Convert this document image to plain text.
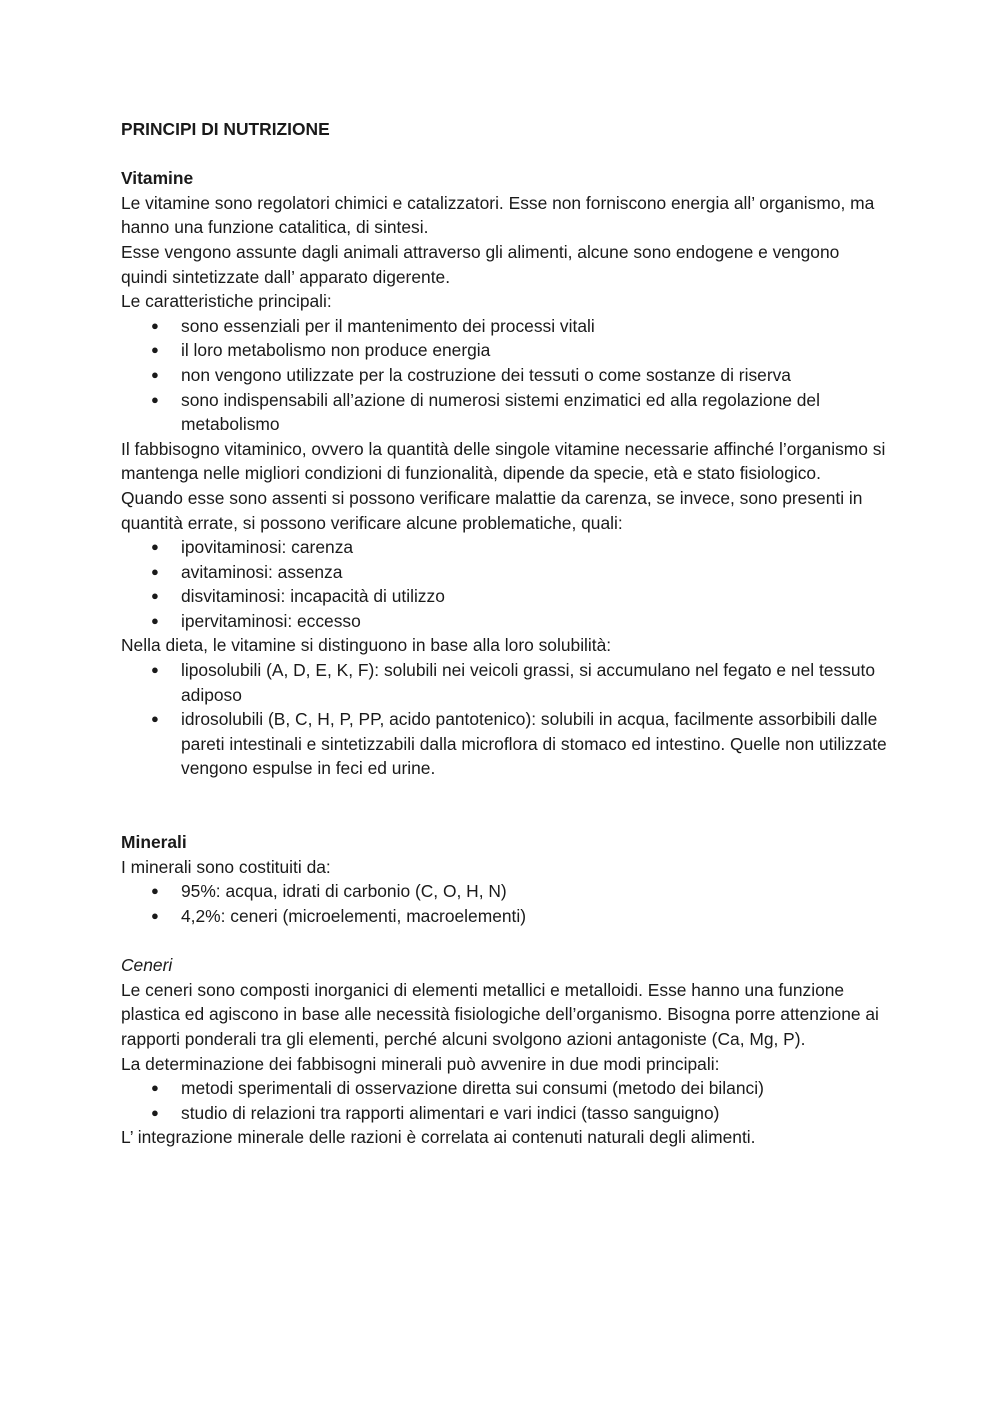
PRINCIPI DI NUTRIZIONE
Vitamine

Le vitamine sono regolatori chimici e catalizzatori. Esse non forniscono energia all’ organismo, ma hanno una funzione catalitica, di sintesi.

Esse vengono assunte dagli animali attraverso gli alimenti, alcune sono endogene e vengono quindi sintetizzate dall’ apparato digerente.

Le caratteristiche principali:

● sono essenziali per il mantenimento dei processi vitali
● il loro metabolismo non produce energia
● non vengono utilizzate per la costruzione dei tessuti o come sostanze di riserva
● sono indispensabili all’azione di numerosi sistemi enzimatici ed alla regolazione del metabolismo

Il fabbisogno vitaminico, ovvero la quantità delle singole vitamine necessarie affinché l’organismo si mantenga nelle migliori condizioni di funzionalità, dipende da specie, età e stato fisiologico.

Quando esse sono assenti si possono verificare malattie da carenza, se invece, sono presenti in quantità errate, si possono verificare alcune problematiche, quali:

● ipovitaminosi: carenza
● avitaminosi: assenza
● disvitaminosi: incapacità di utilizzo
● ipervitaminosi: eccesso

Nella dieta, le vitamine si distinguono in base alla loro solubilità:

● liposolubili (A, D, E, K, F): solubili nei veicoli grassi, si accumulano nel fegato e nel tessuto adiposo
● idrosolubili (B, C, H, P, PP, acido pantotenico): solubili in acqua, facilmente assorbibili dalle pareti intestinali e sintetizzabili dalla microflora di stomaco ed intestino. Quelle non utilizzate vengono espulse in feci ed urine.
Minerali

I minerali sono costituiti da:

● 95%: acqua, idrati di carbonio (C, O, H, N)
● 4,2%: ceneri (microelementi, macroelementi)
Ceneri

Le ceneri sono composti inorganici di elementi metallici e metalloidi. Esse hanno una funzione plastica ed agiscono in base alle necessità fisiologiche dell’organismo. Bisogna porre attenzione ai rapporti ponderali tra gli elementi, perché alcuni svolgono azioni antagoniste (Ca, Mg, P).

La determinazione dei fabbisogni minerali può avvenire in due modi principali:

● metodi sperimentali di osservazione diretta sui consumi (metodo dei bilanci)
● studio di relazioni tra rapporti alimentari e vari indici (tasso sanguigno)

L’ integrazione minerale delle razioni è correlata ai contenuti naturali degli alimenti.
